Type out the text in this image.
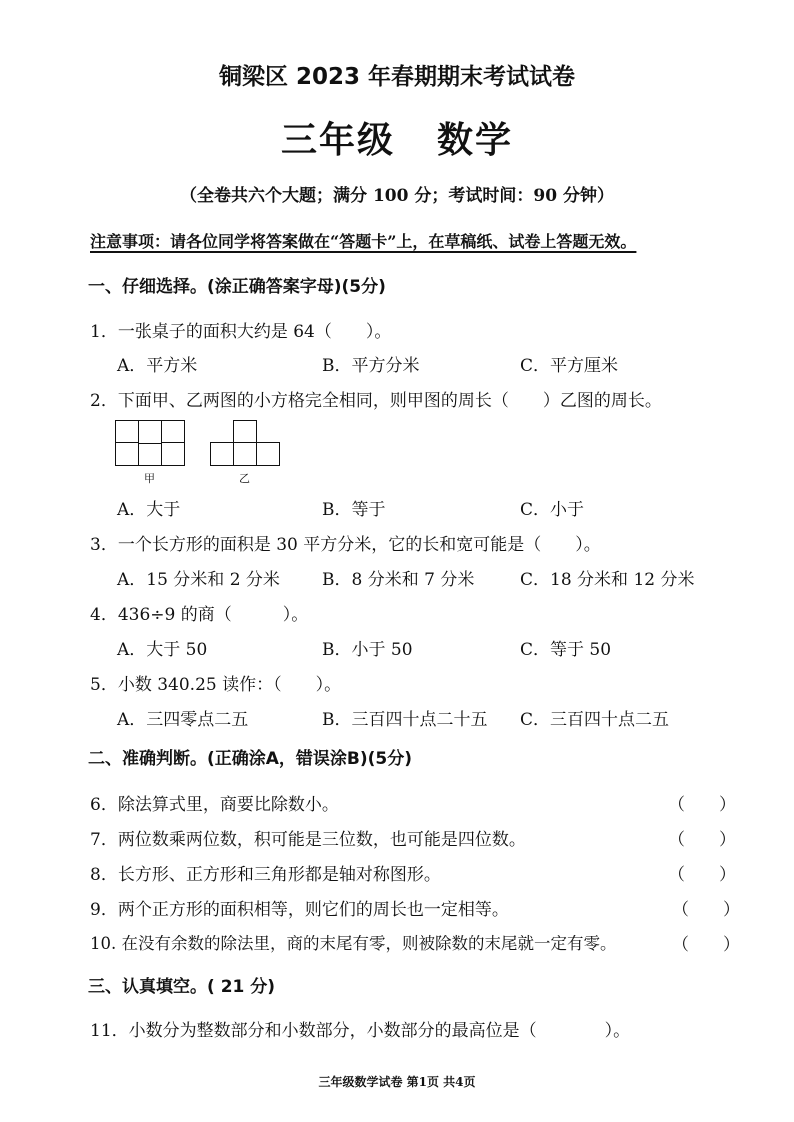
铜梁区 2023 年春期期末考试试卷
三年级 数学
（全卷共六个大题；满分 100 分；考试时间：90 分钟）
注意事项：请各位同学将答案做在“答题卡”上，在草稿纸、试卷上答题无效。
一、仔细选择。(涂正确答案字母)(5分)
1．一张桌子的面积大约是 64（　　）。
A．平方米	B．平方分米	C．平方厘米
2．下面甲、乙两图的小方格完全相同，则甲图的周长（　　）乙图的周长。
甲	乙
A．大于	B．等于	C．小于
3．一个长方形的面积是 30 平方分米，它的长和宽可能是（　　）。
A．15 分米和 2 分米 B．8 分米和 7 分米	C．18 分米和 12 分米
4．436÷9 的商（　　　）。
A．大于 50	B．小于 50	C．等于 50
5．小数 340.25 读作：（　　）。
A．三四零点二五	B．三百四十点二十五 C．三百四十点二五
二、准确判断。(正确涂A，错误涂B)(5分)
6．除法算式里，商要比除数小。	（　　）
7．两位数乘两位数，积可能是三位数，也可能是四位数。	（　　）
8．长方形、正方形和三角形都是轴对称图形。	（　　）
9．两个正方形的面积相等，则它们的周长也一定相等。	（　　）
10. 在没有余数的除法里，商的末尾有零，则被除数的末尾就一定有零。	（　　）
三、认真填空。( 21 分)
11．小数分为整数部分和小数部分，小数部分的最高位是（　　　　）。
三年级数学试卷 第1页 共4页
